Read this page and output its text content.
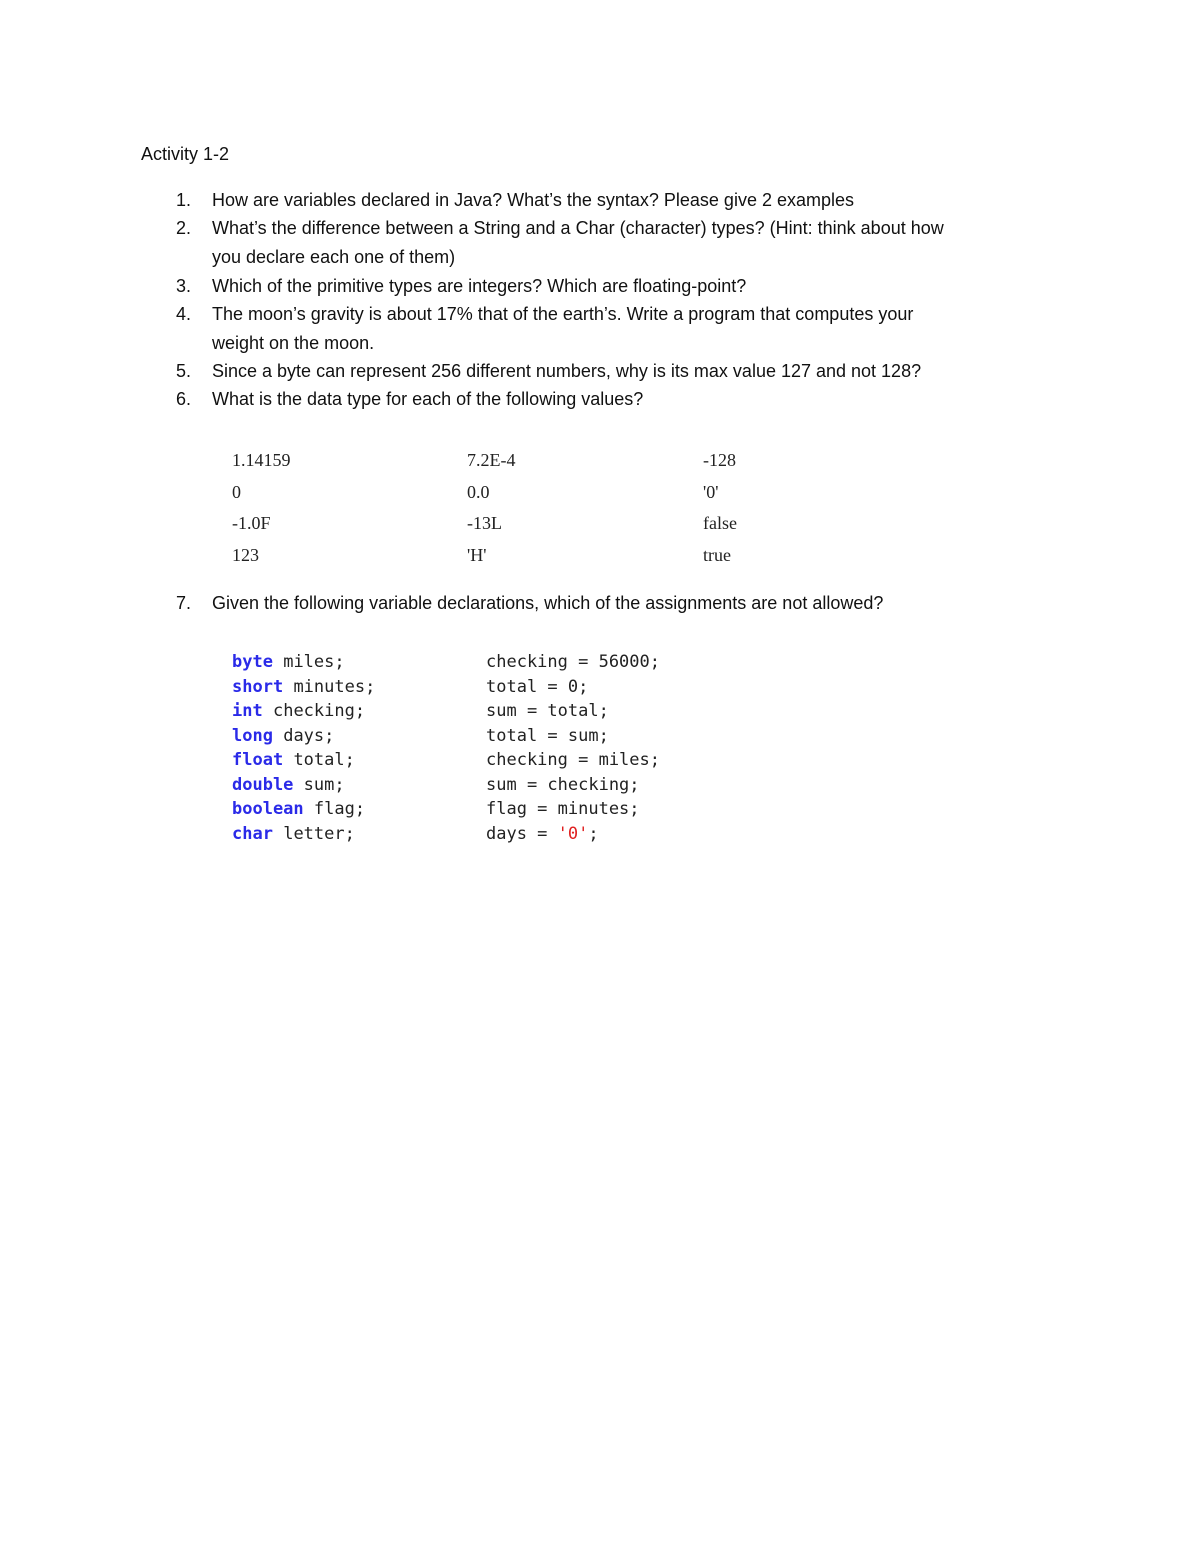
Activity 1-2
1.	How are variables declared in Java? What’s the syntax? Please give 2 examples
2.	What’s the difference between a String and a Char (character) types? (Hint: think about how
you declare each one of them)
3.	Which of the primitive types are integers? Which are floating-point?
4.	The moon’s gravity is about 17% that of the earth’s. Write a program that computes your
weight on the moon.
5.	Since a byte can represent 256 different numbers, why is its max value 127 and not 128?
6.	What is the data type for each of the following values?
1.14159	7.2E-4	-128
0	0.0	'0'
-1.0F	-13L	false
123	'H'	true
7.	Given the following variable declarations, which of the assignments are not allowed?
byte miles;	checking = 56000;
short minutes;	total = 0;
int checking;	sum = total;
long days;	total = sum;
float total;	checking = miles;
double sum;	sum = checking;
boolean flag;	flag = minutes;
char letter;	days = '0';
